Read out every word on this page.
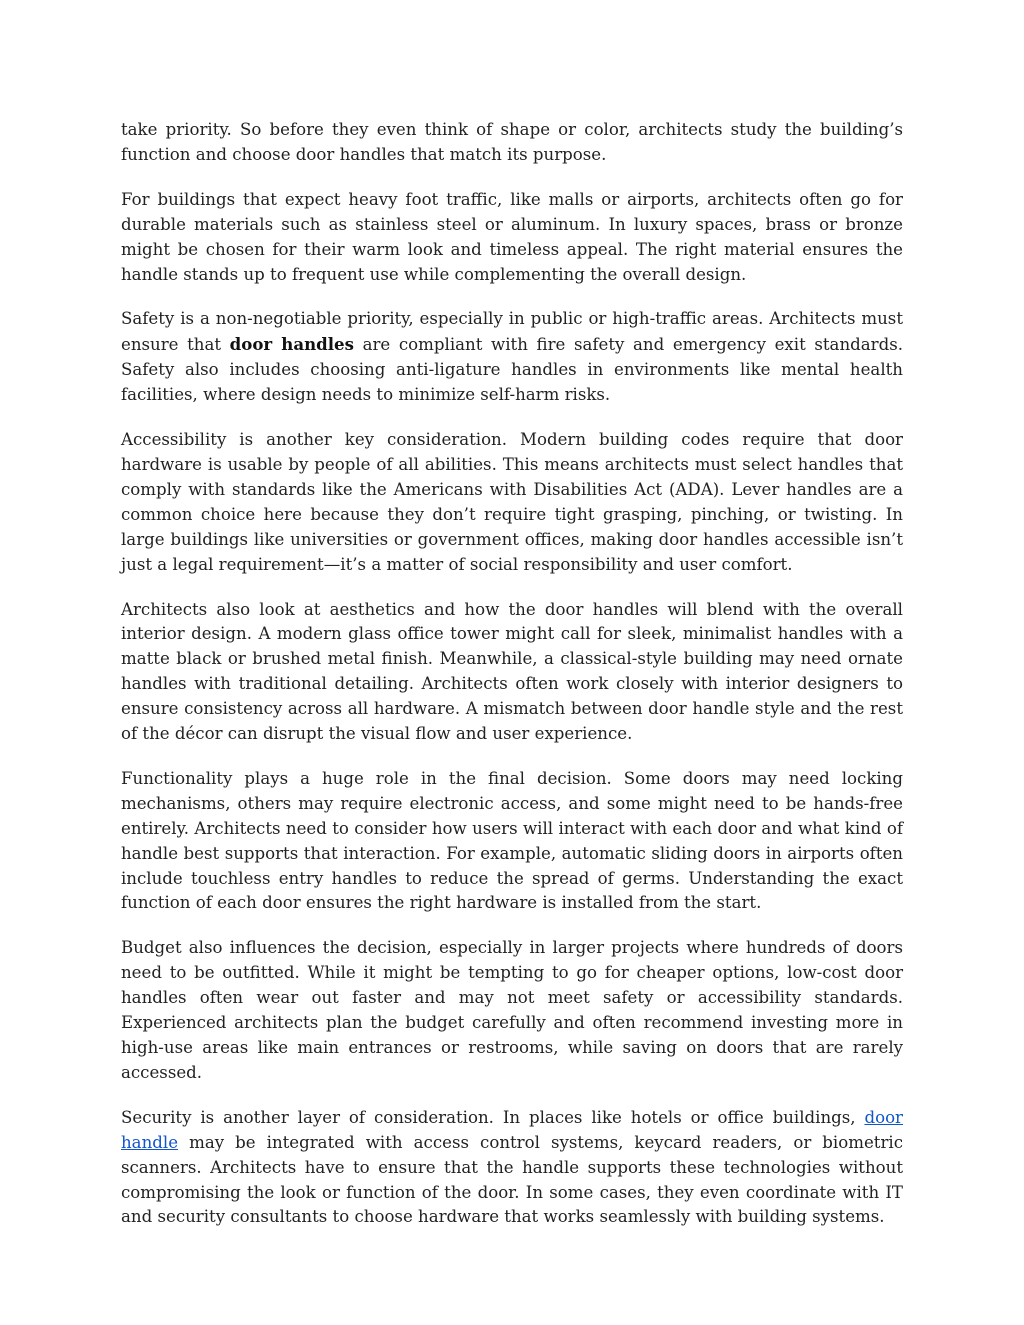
take priority. So before they even think of shape or color, architects study the building’s function and choose door handles that match its purpose.

For buildings that expect heavy foot traffic, like malls or airports, architects often go for durable materials such as stainless steel or aluminum. In luxury spaces, brass or bronze might be chosen for their warm look and timeless appeal. The right material ensures the handle stands up to frequent use while complementing the overall design.

Safety is a non-negotiable priority, especially in public or high-traffic areas. Architects must ensure that door handles are compliant with fire safety and emergency exit standards. Safety also includes choosing anti-ligature handles in environments like mental health facilities, where design needs to minimize self-harm risks.

Accessibility is another key consideration. Modern building codes require that door hardware is usable by people of all abilities. This means architects must select handles that comply with standards like the Americans with Disabilities Act (ADA). Lever handles are a common choice here because they don’t require tight grasping, pinching, or twisting. In large buildings like universities or government offices, making door handles accessible isn’t just a legal requirement—it’s a matter of social responsibility and user comfort.

Architects also look at aesthetics and how the door handles will blend with the overall interior design. A modern glass office tower might call for sleek, minimalist handles with a matte black or brushed metal finish. Meanwhile, a classical-style building may need ornate handles with traditional detailing. Architects often work closely with interior designers to ensure consistency across all hardware. A mismatch between door handle style and the rest of the décor can disrupt the visual flow and user experience.

Functionality plays a huge role in the final decision. Some doors may need locking mechanisms, others may require electronic access, and some might need to be hands-free entirely. Architects need to consider how users will interact with each door and what kind of handle best supports that interaction. For example, automatic sliding doors in airports often include touchless entry handles to reduce the spread of germs. Understanding the exact function of each door ensures the right hardware is installed from the start.

Budget also influences the decision, especially in larger projects where hundreds of doors need to be outfitted. While it might be tempting to go for cheaper options, low-cost door handles often wear out faster and may not meet safety or accessibility standards. Experienced architects plan the budget carefully and often recommend investing more in high-use areas like main entrances or restrooms, while saving on doors that are rarely accessed.

Security is another layer of consideration. In places like hotels or office buildings, door handle may be integrated with access control systems, keycard readers, or biometric scanners. Architects have to ensure that the handle supports these technologies without compromising the look or function of the door. In some cases, they even coordinate with IT and security consultants to choose hardware that works seamlessly with building systems.
